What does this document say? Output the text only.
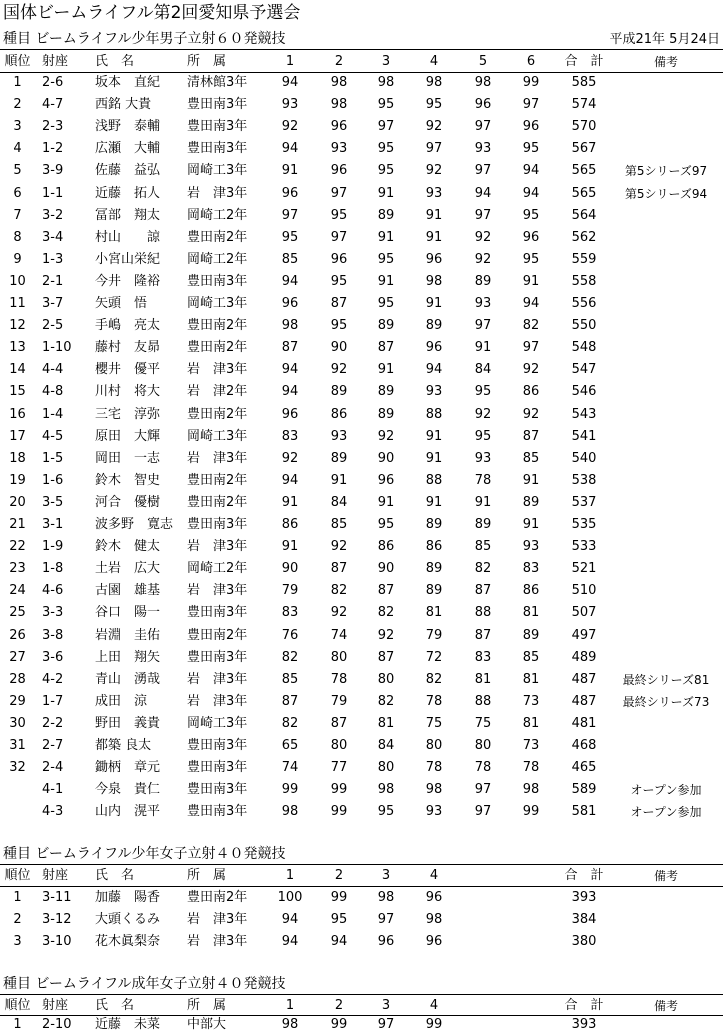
国体ビームライフル第2回愛知県予選会
平成21年 5月24日
種目 ビームライフル少年男子立射６０発競技
順位 射座 氏　名	所　属	1	2	3	4	5	6	合　計	備考
1	2-6 坂本　直紀 清林館3年	94	98	98	98	98	99	585
2	4-7 西銘 大貴	豊田南3年	93	98	95	95	96	97	574
3	2-3 浅野　泰輔 豊田南3年	92	96	97	92	97	96	570
4	1-2 広瀬　大輔 豊田南3年	94	93	95	97	93	95	567
5	3-9 佐藤　益弘 岡崎工3年	91	96	95	92	97	94	565	第5シリーズ97
6	1-1 近藤　拓人 岩　津3年	96	97	91	93	94	94	565	第5シリーズ94
7	3-2 冨部　翔太 岡崎工2年	97	95	89	91	97	95	564
8	3-4 村山　　諒 豊田南2年	95	97	91	91	92	96	562
9	1-3 小宮山栄紀 岡崎工2年	85	96	95	96	92	95	559
10	2-1 今井　隆裕 豊田南3年	94	95	91	98	89	91	558
11	3-7 矢頭　悟	岡崎工3年	96	87	95	91	93	94	556
12	2-5 手嶋　亮太 豊田南2年	98	95	89	89	97	82	550
13	1-10 藤村　友昴 豊田南2年	87	90	87	96	91	97	548
14	4-4 櫻井　優平 岩　津3年	94	92	91	94	84	92	547
15	4-8 川村　将大 岩　津2年	94	89	89	93	95	86	546
16	1-4 三宅　淳弥 豊田南2年	96	86	89	88	92	92	543
17	4-5 原田　大輝 岡崎工3年	83	93	92	91	95	87	541
18	1-5 岡田　一志 岩　津3年	92	89	90	91	93	85	540
19	1-6 鈴木　智史 豊田南2年	94	91	96	88	78	91	538
20	3-5 河合　優樹 豊田南2年	91	84	91	91	91	89	537
21	3-1 波多野　寛志 豊田南3年	86	85	95	89	89	91	535
22	1-9 鈴木　健太 岩　津3年	91	92	86	86	85	93	533
23	1-8 土岩　広大 岡崎工2年	90	87	90	89	82	83	521
24	4-6 古園　雄基 岩　津3年	79	82	87	89	87	86	510
25	3-3 谷口　陽一 豊田南3年	83	92	82	81	88	81	507
26	3-8 岩淵　圭佑 豊田南2年	76	74	92	79	87	89	497
27	3-6 上田　翔矢 豊田南3年	82	80	87	72	83	85	489
28	4-2 青山　湧哉 岩　津3年	85	78	80	82	81	81	487	最終シリーズ81
29	1-7 成田　涼	岩　津3年	87	79	82	78	88	73	487	最終シリーズ73
30	2-2 野田　義貴 岡崎工3年	82	87	81	75	75	81	481
31	2-7 都築 良太	豊田南3年	65	80	84	80	80	73	468
32	2-4 鋤柄　章元 豊田南3年	74	77	80	78	78	78	465
4-1 今泉　貴仁 豊田南3年	99	99	98	98	97	98	589	オープン参加
4-3 山内　滉平 豊田南3年	98	99	95	93	97	99	581	オープン参加
種目 ビームライフル少年女子立射４０発競技
順位 射座 氏　名	所　属	1	2	3	4	合　計	備考
1	3-11 加藤　陽香 豊田南2年	100	99	98	96	393
2	3-12 大頭くるみ 岩　津3年	94	95	97	98	384
3	3-10 花木眞梨奈 岩　津3年	94	94	96	96	380
種目 ビームライフル成年女子立射４０発競技
順位 射座 氏　名	所　属	1	2	3	4	合　計	備考
1	2-10 近藤　未菜 中部大	98	99	97	99	393
